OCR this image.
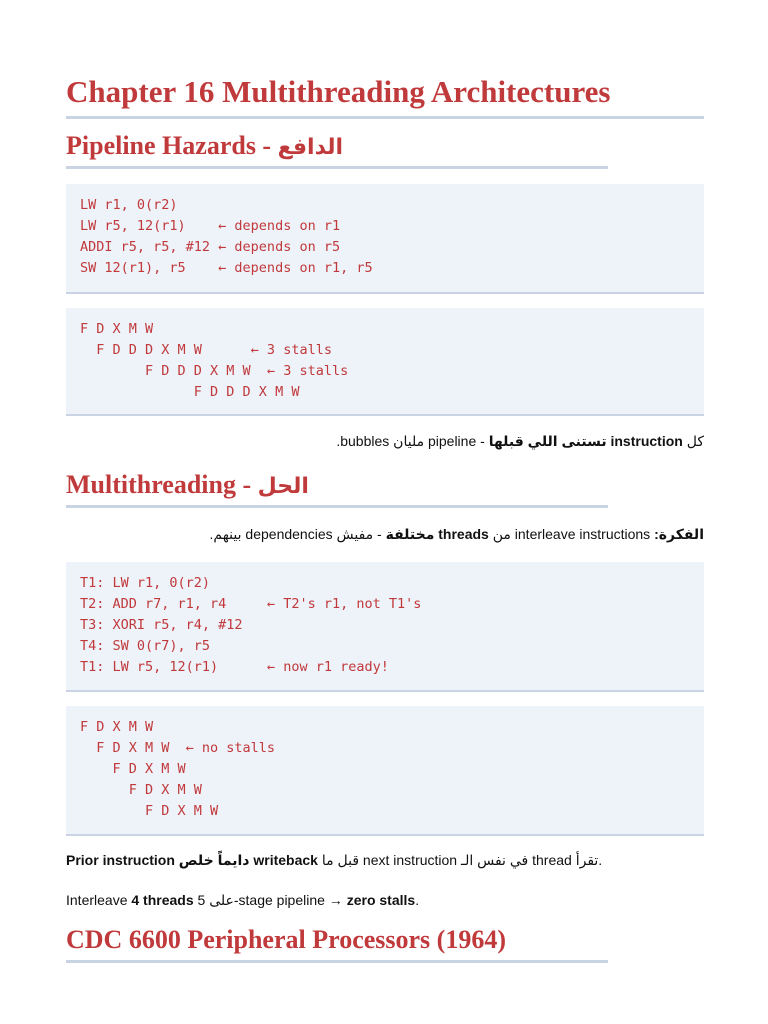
Chapter 16 Multithreading Architectures
Pipeline Hazards - الدافع
LW r1, 0(r2)
LW r5, 12(r1)    ← depends on r1
ADDI r5, r5, #12 ← depends on r5
SW 12(r1), r5    ← depends on r1, r5
F D X M W
F D D D X M W      ← 3 stalls
F D D D X M W  ← 3 stalls
F D D D X M W
كل instruction تستنى اللي قبلها - pipeline مليان bubbles.
Multithreading - الحل
الفكرة: interleave instructions من threads مختلفة - مفيش dependencies بينهم.
T1: LW r1, 0(r2)
T2: ADD r7, r1, r4     ← T2's r1, not T1's
T3: XORI r5, r4, #12
T4: SW 0(r7), r5
T1: LW r5, 12(r1)      ← now r1 ready!
F D X M W
F D X M W  ← no stalls
F D X M W
F D X M W
F D X M W
Prior instruction دايماً خلص writeback قبل ما next instruction في نفس الـ thread تقرأ.
Interleave 4 threads على 5-stage pipeline → zero stalls.
CDC 6600 Peripheral Processors (1964)
